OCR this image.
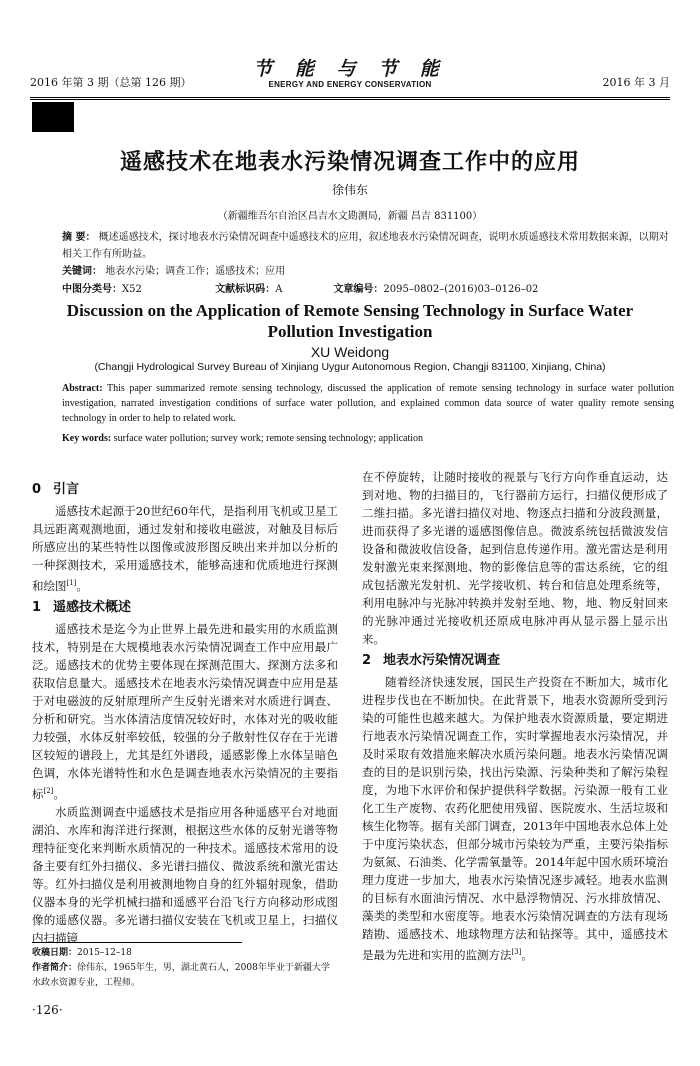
2016 年第 3 期（总第 126 期）
节 能 与 节 能
ENERGY AND ENERGY CONSERVATION	2016 年 3 月
遥感技术在地表水污染情况调查工作中的应用
徐伟东
（新疆维吾尔自治区昌吉水文勘测局，新疆 昌吉 831100）
摘 要： 概述遥感技术，探讨地表水污染情况调查中遥感技术的应用，叙述地表水污染情况调查，说明水质遥感技术常用数据来源，以期对相关工作有所助益。
关键词： 地表水污染；调查工作；遥感技术；应用
中图分类号：X52	文献标识码：A	文章编号：2095–0802–(2016)03–0126–02
Discussion on the Application of Remote Sensing Technology in Surface Water Pollution Investigation
XU Weidong
(Changji Hydrological Survey Bureau of Xinjiang Uygur Autonomous Region, Changji 831100, Xinjiang, China)
Abstract: This paper summarized remote sensing technology, discussed the application of remote sensing technology in surface water pollution investigation, narrated investigation conditions of surface water pollution, and explained common data source of water quality remote sensing technology in order to help to related work.
Key words: surface water pollution; survey work; remote sensing technology; application
0 引言

遥感技术起源于20世纪60年代，是指利用飞机或卫星工具远距离观测地面，通过发射和接收电磁波，对触及目标后所感应出的某些特性以图像或波形图反映出来并加以分析的一种探测技术，采用遥感技术，能够高速和优质地进行探测和绘图[1]。

1 遥感技术概述

遥感技术是迄今为止世界上最先进和最实用的水质监测技术，特别是在大规模地表水污染情况调查工作中应用最广泛。遥感技术的优势主要体现在探测范围大、探测方法多和获取信息量大。遥感技术在地表水污染情况调查中应用是基于对电磁波的反射原理所产生反射光谱来对水质进行调查、分析和研究。当水体清洁度情况较好时，水体对光的吸收能力较强，水体反射率较低，较强的分子散射性仅存在于光谱区较短的谱段上，尤其是红外谱段，遥感影像上水体呈暗色色调，水体光谱特性和水色是调查地表水污染情况的主要指标[2]。

水质监测调查中遥感技术是指应用各种遥感平台对地面湖泊、水库和海洋进行探测，根据这些水体的反射光谱等物理特征变化来判断水质情况的一种技术。遥感技术常用的设备主要有红外扫描仪、多光谱扫描仪、微波系统和激光雷达等。红外扫描仪是利用被测地物自身的红外辐射现象，借助仪器本身的光学机械扫描和遥感平台沿飞行方向移动形成图像的遥感仪器。多光谱扫描仪安装在飞机或卫星上，扫描仪内扫描镜

收稿日期：2015–12–18
作者简介：徐伟东，1965年生，男，湖北黄石人，2008年毕业于新疆大学水政水资源专业，工程师。
·126·

在不停旋转，让随时接收的视景与飞行方向作垂直运动，达到对地、物的扫描目的，飞行器前方运行，扫描仪便形成了二维扫描。多光谱扫描仪对地、物逐点扫描和分波段测量，进而获得了多光谱的遥感图像信息。微波系统包括微波发信设备和微波收信设备，起到信息传递作用。激光雷达是利用发射激光束来探测地、物的影像信息等的雷达系统，它的组成包括激光发射机、光学接收机、转台和信息处理系统等，利用电脉冲与光脉冲转换并发射至地、物，地、物反射回来的光脉冲通过光接收机还原成电脉冲再从显示器上显示出来。

2 地表水污染情况调查

随着经济快速发展，国民生产投资在不断加大，城市化进程步伐也在不断加快。在此背景下，地表水资源所受到污染的可能性也越来越大。为保护地表水资源质量，要定期进行地表水污染情况调查工作，实时掌握地表水污染情况，并及时采取有效措施来解决水质污染问题。地表水污染情况调查的目的是识别污染，找出污染源、污染种类和了解污染程度，为地下水评价和保护提供科学数据。污染源一般有工业化工生产废物、农药化肥使用残留、医院废水、生活垃圾和核生化物等。据有关部门调查，2013年中国地表水总体上处于中度污染状态，但部分城市污染较为严重，主要污染指标为氨氮、石油类、化学需氧量等。2014年起中国水质环境治理力度进一步加大，地表水污染情况逐步减轻。地表水监测的目标有水面油污情况、水中悬浮物情况、污水排放情况、藻类的类型和水密度等。地表水污染情况调查的方法有现场踏勘、遥感技术、地球物理方法和钻探等。其中，遥感技术是最为先进和实用的监测方法[3]。
